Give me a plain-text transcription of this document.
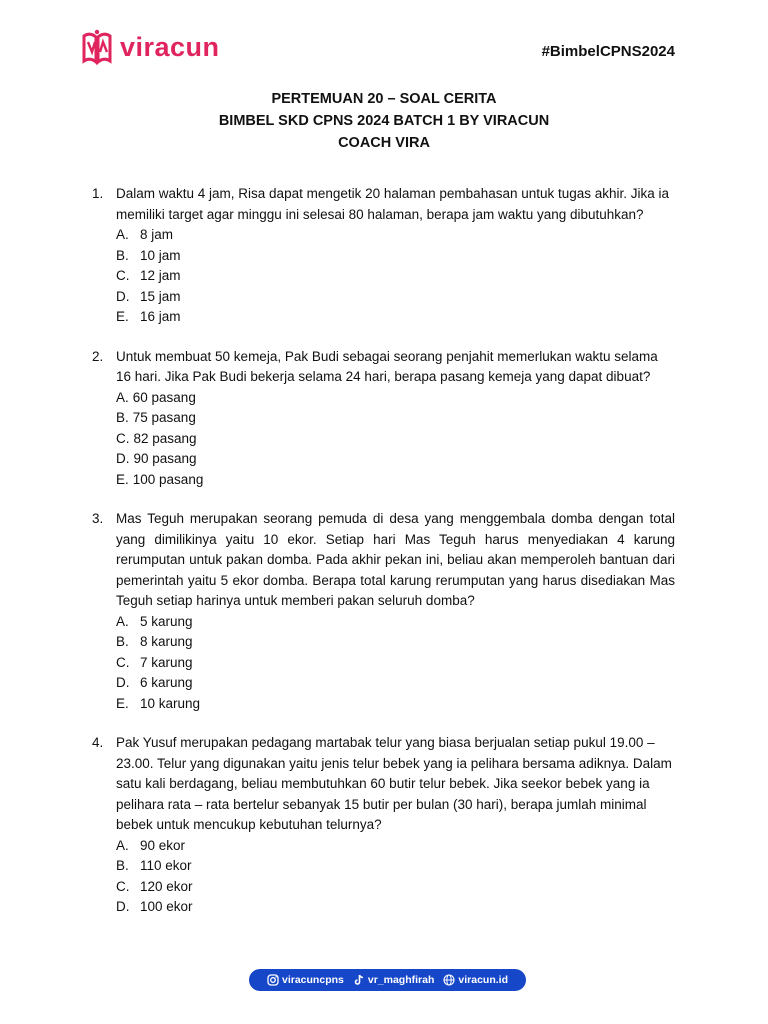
viracun	#BimbelCPNS2024
PERTEMUAN 20 – SOAL CERITA
BIMBEL SKD CPNS 2024 BATCH 1 BY VIRACUN
COACH VIRA
1. Dalam waktu 4 jam, Risa dapat mengetik 20 halaman pembahasan untuk tugas akhir. Jika ia memiliki target agar minggu ini selesai 80 halaman, berapa jam waktu yang dibutuhkan?
A. 8 jam
B. 10 jam
C. 12 jam
D. 15 jam
E. 16 jam
2. Untuk membuat 50 kemeja, Pak Budi sebagai seorang penjahit memerlukan waktu selama 16 hari. Jika Pak Budi bekerja selama 24 hari, berapa pasang kemeja yang dapat dibuat?
A. 60 pasang
B. 75 pasang
C. 82 pasang
D. 90 pasang
E. 100 pasang
3. Mas Teguh merupakan seorang pemuda di desa yang menggembala domba dengan total yang dimilikinya yaitu 10 ekor. Setiap hari Mas Teguh harus menyediakan 4 karung rerumputan untuk pakan domba. Pada akhir pekan ini, beliau akan memperoleh bantuan dari pemerintah yaitu 5 ekor domba. Berapa total karung rerumputan yang harus disediakan Mas Teguh setiap harinya untuk memberi pakan seluruh domba?
A. 5 karung
B. 8 karung
C. 7 karung
D. 6 karung
E. 10 karung
4. Pak Yusuf merupakan pedagang martabak telur yang biasa berjualan setiap pukul 19.00 – 23.00. Telur yang digunakan yaitu jenis telur bebek yang ia pelihara bersama adiknya. Dalam satu kali berdagang, beliau membutuhkan 60 butir telur bebek. Jika seekor bebek yang ia pelihara rata – rata bertelur sebanyak 15 butir per bulan (30 hari), berapa jumlah minimal bebek untuk mencukup kebutuhan telurnya?
A. 90 ekor
B. 110 ekor
C. 120 ekor
D. 100 ekor
viracuncpns vr_maghfirah viracun.id
